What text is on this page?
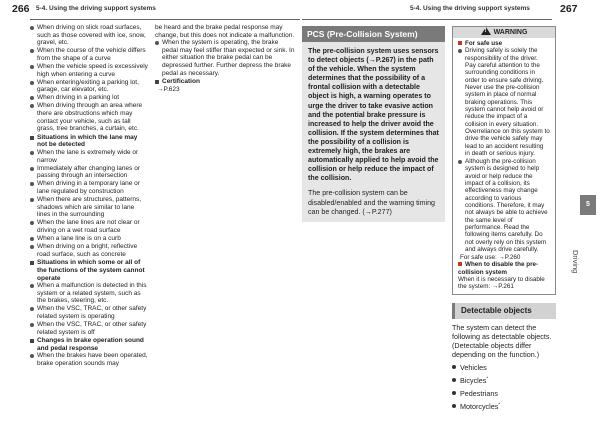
266 5-4. Using the driving support systems	5-4. Using the driving support systems	267
When driving on slick road surfaces, such as those covered with ice, snow, gravel, etc.
When the course of the vehicle differs from the shape of a curve
When the vehicle speed is excessively high when entering a curve
When entering/exiting a parking lot, garage, car elevator, etc.
When driving in a parking lot
When driving through an area where there are obstructions which may contact your vehicle, such as tall grass, tree branches, a curtain, etc.
Situations in which the lane may not be detected
When the lane is extremely wide or narrow
Immediately after changing lanes or passing through an intersection
When driving in a temporary lane or lane regulated by construction
When there are structures, patterns, shadows which are similar to lane lines in the surrounding
When the lane lines are not clear or driving on a wet road surface
When a lane line is on a curb
When driving on a bright, reflective road surface, such as concrete
Situations in which some or all of the functions of the system cannot operate
When a malfunction is detected in this system or a related system, such as the brakes, steering, etc.
When the VSC, TRAC, or other safety related system is operating
When the VSC, TRAC, or other safety related system is off
Changes in brake operation sound and pedal response
When the brakes have been operated, brake operation sounds may
be heard and the brake pedal response may change, but this does not indicate a malfunction.
When the system is operating, the brake pedal may feel stiffer than expected or sink. In either situation the brake pedal can be depressed further. Further depress the brake pedal as necessary.
Certification
→P.623
PCS (Pre-Collision System)

The pre-collision system uses sensors to detect objects (→P.267) in the path of the vehicle. When the system determines that the possibility of a frontal collision with a detectable object is high, a warning operates to urge the driver to take evasive action and the potential brake pressure is increased to help the driver avoid the collision. If the system determines that the possibility of a collision is extremely high, the brakes are automatically applied to help avoid the collision or help reduce the impact of the collision.

The pre-collision system can be disabled/enabled and the warning timing can be changed. (→P.277)

! WARNING
For safe use
Driving safely is solely the responsibility of the driver. Pay careful attention to the surrounding conditions in order to ensure safe driving. Never use the pre-collision system in place of normal braking operations. This system cannot help avoid or reduce the impact of a collision in every situation. Overreliance on this system to drive the vehicle safely may lead to an accident resulting in death or serious injury.
Although the pre-collision system is designed to help avoid or help reduce the impact of a collision, its effectiveness may change according to various conditions. Therefore, it may not always be able to achieve the same level of performance. Read the following items carefully. Do not overly rely on this system and always drive carefully.
For safe use: →P.260
When to disable the pre-collision system
When it is necessary to disable the system: →P.261
Detectable objects
The system can detect the following as detectable objects. (Detectable objects differ depending on the function.)
Vehicles
Bicycles*
Pedestrians
Motorcycles*
5
Driving
